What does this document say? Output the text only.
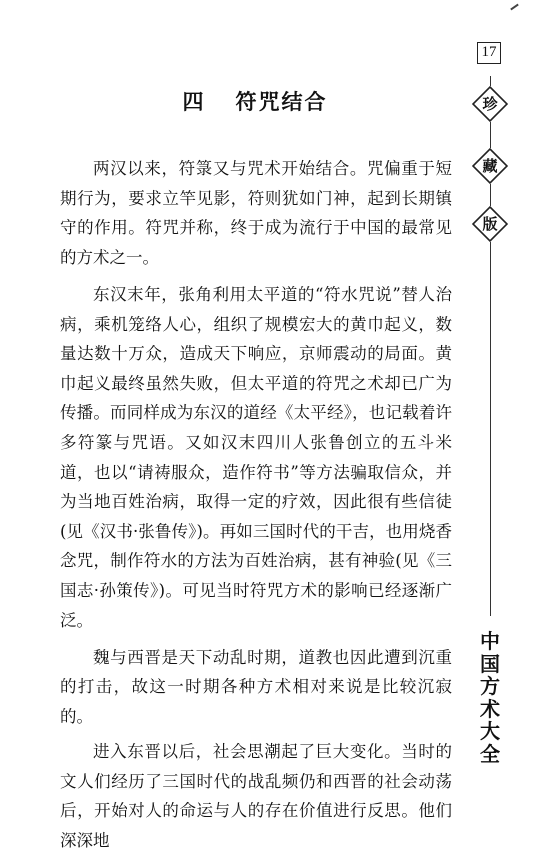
17
四 符咒结合

两汉以来，符箓又与咒术开始结合。咒偏重于短期行为，要求立竿见影，符则犹如门神，起到长期镇守的作用。符咒并称，终于成为流行于中国的最常见的方术之一。

东汉末年，张角利用太平道的“符水咒说”替人治病，乘机笼络人心，组织了规模宏大的黄巾起义，数量达数十万众，造成天下响应，京师震动的局面。黄巾起义最终虽然失败，但太平道的符咒之术却已广为传播。而同样成为东汉的道经《太平经》，也记载着许多符篆与咒语。又如汉末四川人张鲁创立的五斗米道，也以“请祷服众，造作符书”等方法骗取信众，并为当地百姓治病，取得一定的疗效，因此很有些信徒(见《汉书·张鲁传》)。再如三国时代的干吉，也用烧香念咒，制作符水的方法为百姓治病，甚有神验(见《三国志·孙策传》)。可见当时符咒方术的影响已经逐渐广泛。

魏与西晋是天下动乱时期，道教也因此遭到沉重的打击，故这一时期各种方术相对来说是比较沉寂的。

进入东晋以后，社会思潮起了巨大变化。当时的文人们经历了三国时代的战乱频仍和西晋的社会动荡后，开始对人的命运与人的存在价值进行反思。他们深深地

珍
藏
版
中
国
方
术
大
全
